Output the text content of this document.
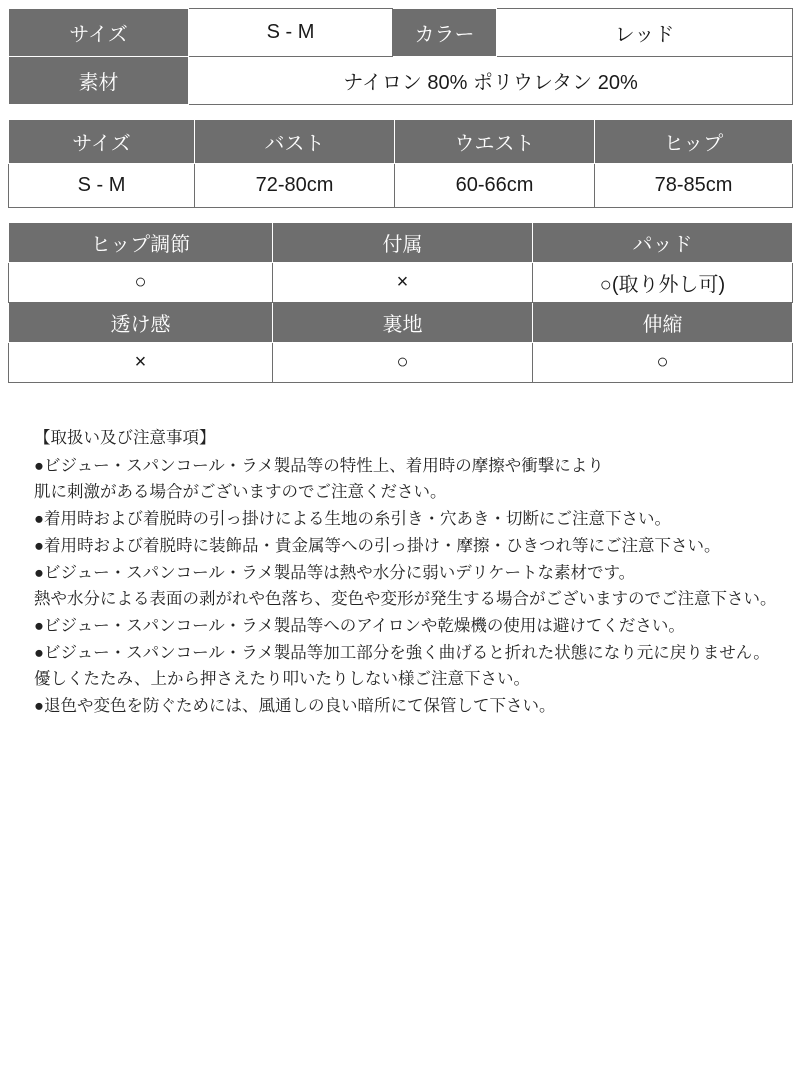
サイズ	S - M	カラー	レッド
素材	ナイロン 80% ポリウレタン 20%		
サイズ	バスト	ウエスト	ヒップ
S - M	72-80cm	60-66cm	78-85cm
ヒップ調節	付属	パッド
○	×	○(取り外し可)
透け感	裏地	伸縮
×	○	○
【取扱い及び注意事項】
●ビジュー・スパンコール・ラメ製品等の特性上、着用時の摩擦や衝撃により
肌に刺激がある場合がございますのでご注意ください。
●着用時および着脱時の引っ掛けによる生地の糸引き・穴あき・切断にご注意下さい。
●着用時および着脱時に装飾品・貴金属等への引っ掛け・摩擦・ひきつれ等にご注意下さい。
●ビジュー・スパンコール・ラメ製品等は熱や水分に弱いデリケートな素材です。
熱や水分による表面の剥がれや色落ち、変色や変形が発生する場合がございますのでご注意下さい。
●ビジュー・スパンコール・ラメ製品等へのアイロンや乾燥機の使用は避けてください。
●ビジュー・スパンコール・ラメ製品等加工部分を強く曲げると折れた状態になり元に戻りません。
優しくたたみ、上から押さえたり叩いたりしない様ご注意下さい。
●退色や変色を防ぐためには、風通しの良い暗所にて保管して下さい。
